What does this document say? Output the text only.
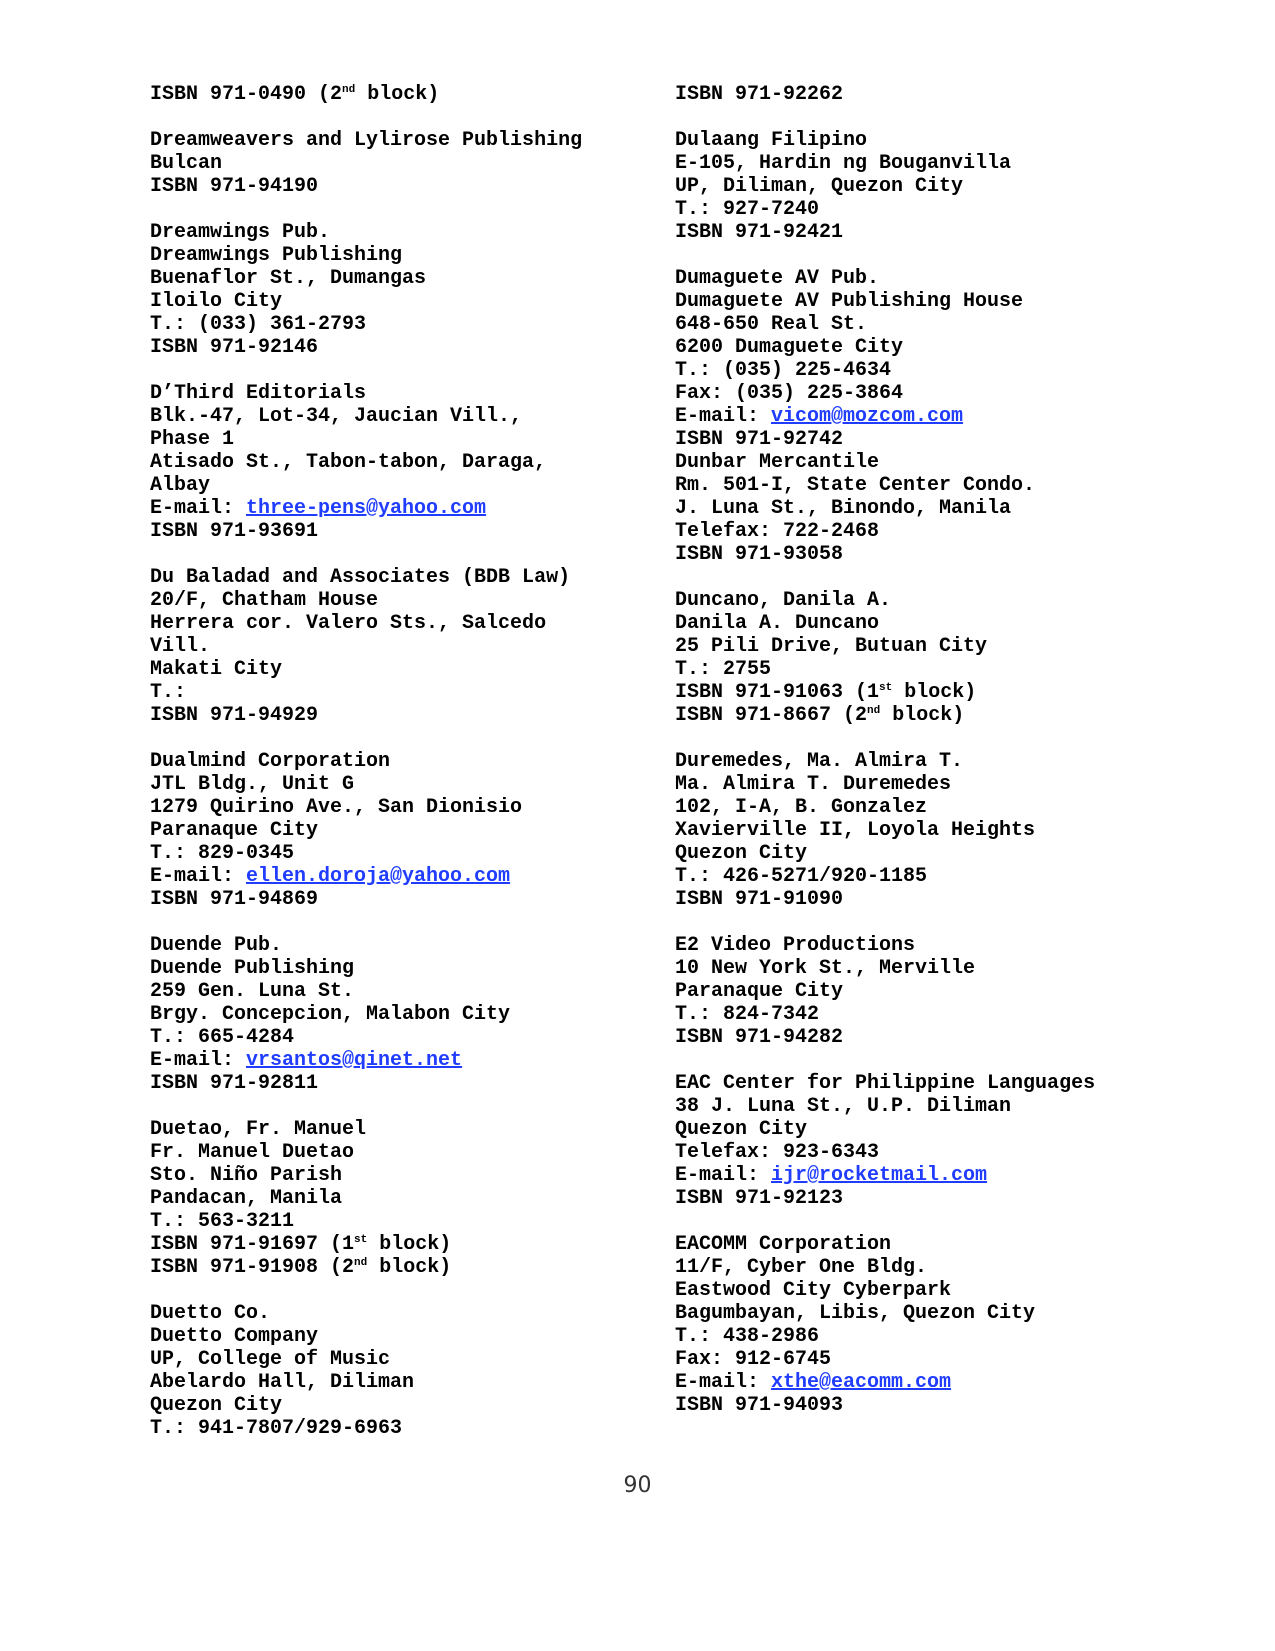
ISBN 971-0490 (2nd block)
Dreamweavers and Lylirose Publishing
Bulcan
ISBN 971-94190
Dreamwings Pub.
Dreamwings Publishing
Buenaflor St., Dumangas
Iloilo City
T.: (033) 361-2793
ISBN 971-92146
D’Third Editorials
Blk.-47, Lot-34, Jaucian Vill.,
Phase 1
Atisado St., Tabon-tabon, Daraga,
Albay
E-mail: three-pens@yahoo.com
ISBN 971-93691
Du Baladad and Associates (BDB Law)
20/F, Chatham House
Herrera cor. Valero Sts., Salcedo
Vill.
Makati City
T.:
ISBN 971-94929
Dualmind Corporation
JTL Bldg., Unit G
1279 Quirino Ave., San Dionisio
Paranaque City
T.: 829-0345
E-mail: ellen.doroja@yahoo.com
ISBN 971-94869
Duende Pub.
Duende Publishing
259 Gen. Luna St.
Brgy. Concepcion, Malabon City
T.: 665-4284
E-mail: vrsantos@qinet.net
ISBN 971-92811
Duetao, Fr. Manuel
Fr. Manuel Duetao
Sto. Niño Parish
Pandacan, Manila
T.: 563-3211
ISBN 971-91697 (1st block)
ISBN 971-91908 (2nd block)
Duetto Co.
Duetto Company
UP, College of Music
Abelardo Hall, Diliman
Quezon City
T.: 941-7807/929-6963
ISBN 971-92262
Dulaang Filipino
E-105, Hardin ng Bouganvilla
UP, Diliman, Quezon City
T.: 927-7240
ISBN 971-92421
Dumaguete AV Pub.
Dumaguete AV Publishing House
648-650 Real St.
6200 Dumaguete City
T.: (035) 225-4634
Fax: (035) 225-3864
E-mail: vicom@mozcom.com
ISBN 971-92742
Dunbar Mercantile
Rm. 501-I, State Center Condo.
J. Luna St., Binondo, Manila
Telefax: 722-2468
ISBN 971-93058
Duncano, Danila A.
Danila A. Duncano
25 Pili Drive, Butuan City
T.: 2755
ISBN 971-91063 (1st block)
ISBN 971-8667 (2nd block)
Duremedes, Ma. Almira T.
Ma. Almira T. Duremedes
102, I-A, B. Gonzalez
Xavierville II, Loyola Heights
Quezon City
T.: 426-5271/920-1185
ISBN 971-91090
E2 Video Productions
10 New York St., Merville
Paranaque City
T.: 824-7342
ISBN 971-94282
EAC Center for Philippine Languages
38 J. Luna St., U.P. Diliman
Quezon City
Telefax: 923-6343
E-mail: ijr@rocketmail.com
ISBN 971-92123
EACOMM Corporation
11/F, Cyber One Bldg.
Eastwood City Cyberpark
Bagumbayan, Libis, Quezon City
T.: 438-2986
Fax: 912-6745
E-mail: xthe@eacomm.com
ISBN 971-94093
90
